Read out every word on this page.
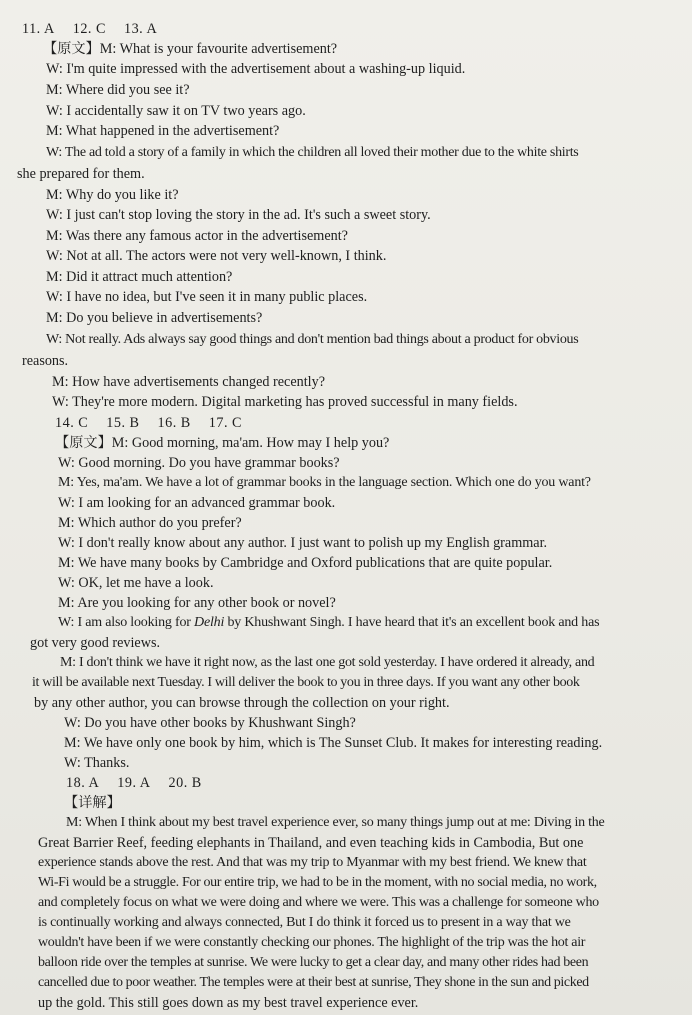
11. A 12. C 13. A
【原文】M: What is your favourite advertisement?
W: I'm quite impressed with the advertisement about a washing-up liquid.
M: Where did you see it?
W: I accidentally saw it on TV two years ago.
M: What happened in the advertisement?
W: The ad told a story of a family in which the children all loved their mother due to the white shirts
she prepared for them.
M: Why do you like it?
W: I just can't stop loving the story in the ad. It's such a sweet story.
M: Was there any famous actor in the advertisement?
W: Not at all. The actors were not very well-known, I think.
M: Did it attract much attention?
W: I have no idea, but I've seen it in many public places.
M: Do you believe in advertisements?
W: Not really. Ads always say good things and don't mention bad things about a product for obvious
reasons.
M: How have advertisements changed recently?
W: They're more modern. Digital marketing has proved successful in many fields.
14. C 15. B 16. B 17. C
【原文】M: Good morning, ma'am. How may I help you?
W: Good morning. Do you have grammar books?
M: Yes, ma'am. We have a lot of grammar books in the language section. Which one do you want?
W: I am looking for an advanced grammar book.
M: Which author do you prefer?
W: I don't really know about any author. I just want to polish up my English grammar.
M: We have many books by Cambridge and Oxford publications that are quite popular.
W: OK, let me have a look.
M: Are you looking for any other book or novel?
W: I am also looking for Delhi by Khushwant Singh. I have heard that it's an excellent book and has
got very good reviews.
M: I don't think we have it right now, as the last one got sold yesterday. I have ordered it already, and
it will be available next Tuesday. I will deliver the book to you in three days. If you want any other book
by any other author, you can browse through the collection on your right.
W: Do you have other books by Khushwant Singh?
M: We have only one book by him, which is The Sunset Club. It makes for interesting reading.
W: Thanks.
18. A 19. A 20. B
【详解】
M: When I think about my best travel experience ever, so many things jump out at me: Diving in the
Great Barrier Reef, feeding elephants in Thailand, and even teaching kids in Cambodia, But one
experience stands above the rest. And that was my trip to Myanmar with my best friend. We knew that
Wi-Fi would be a struggle. For our entire trip, we had to be in the moment, with no social media, no work,
and completely focus on what we were doing and where we were. This was a challenge for someone who
is continually working and always connected, But I do think it forced us to present in a way that we
wouldn't have been if we were constantly checking our phones. The highlight of the trip was the hot air
balloon ride over the temples at sunrise. We were lucky to get a clear day, and many other rides had been
cancelled due to poor weather. The temples were at their best at sunrise, They shone in the sun and picked
up the gold. This still goes down as my best travel experience ever.
